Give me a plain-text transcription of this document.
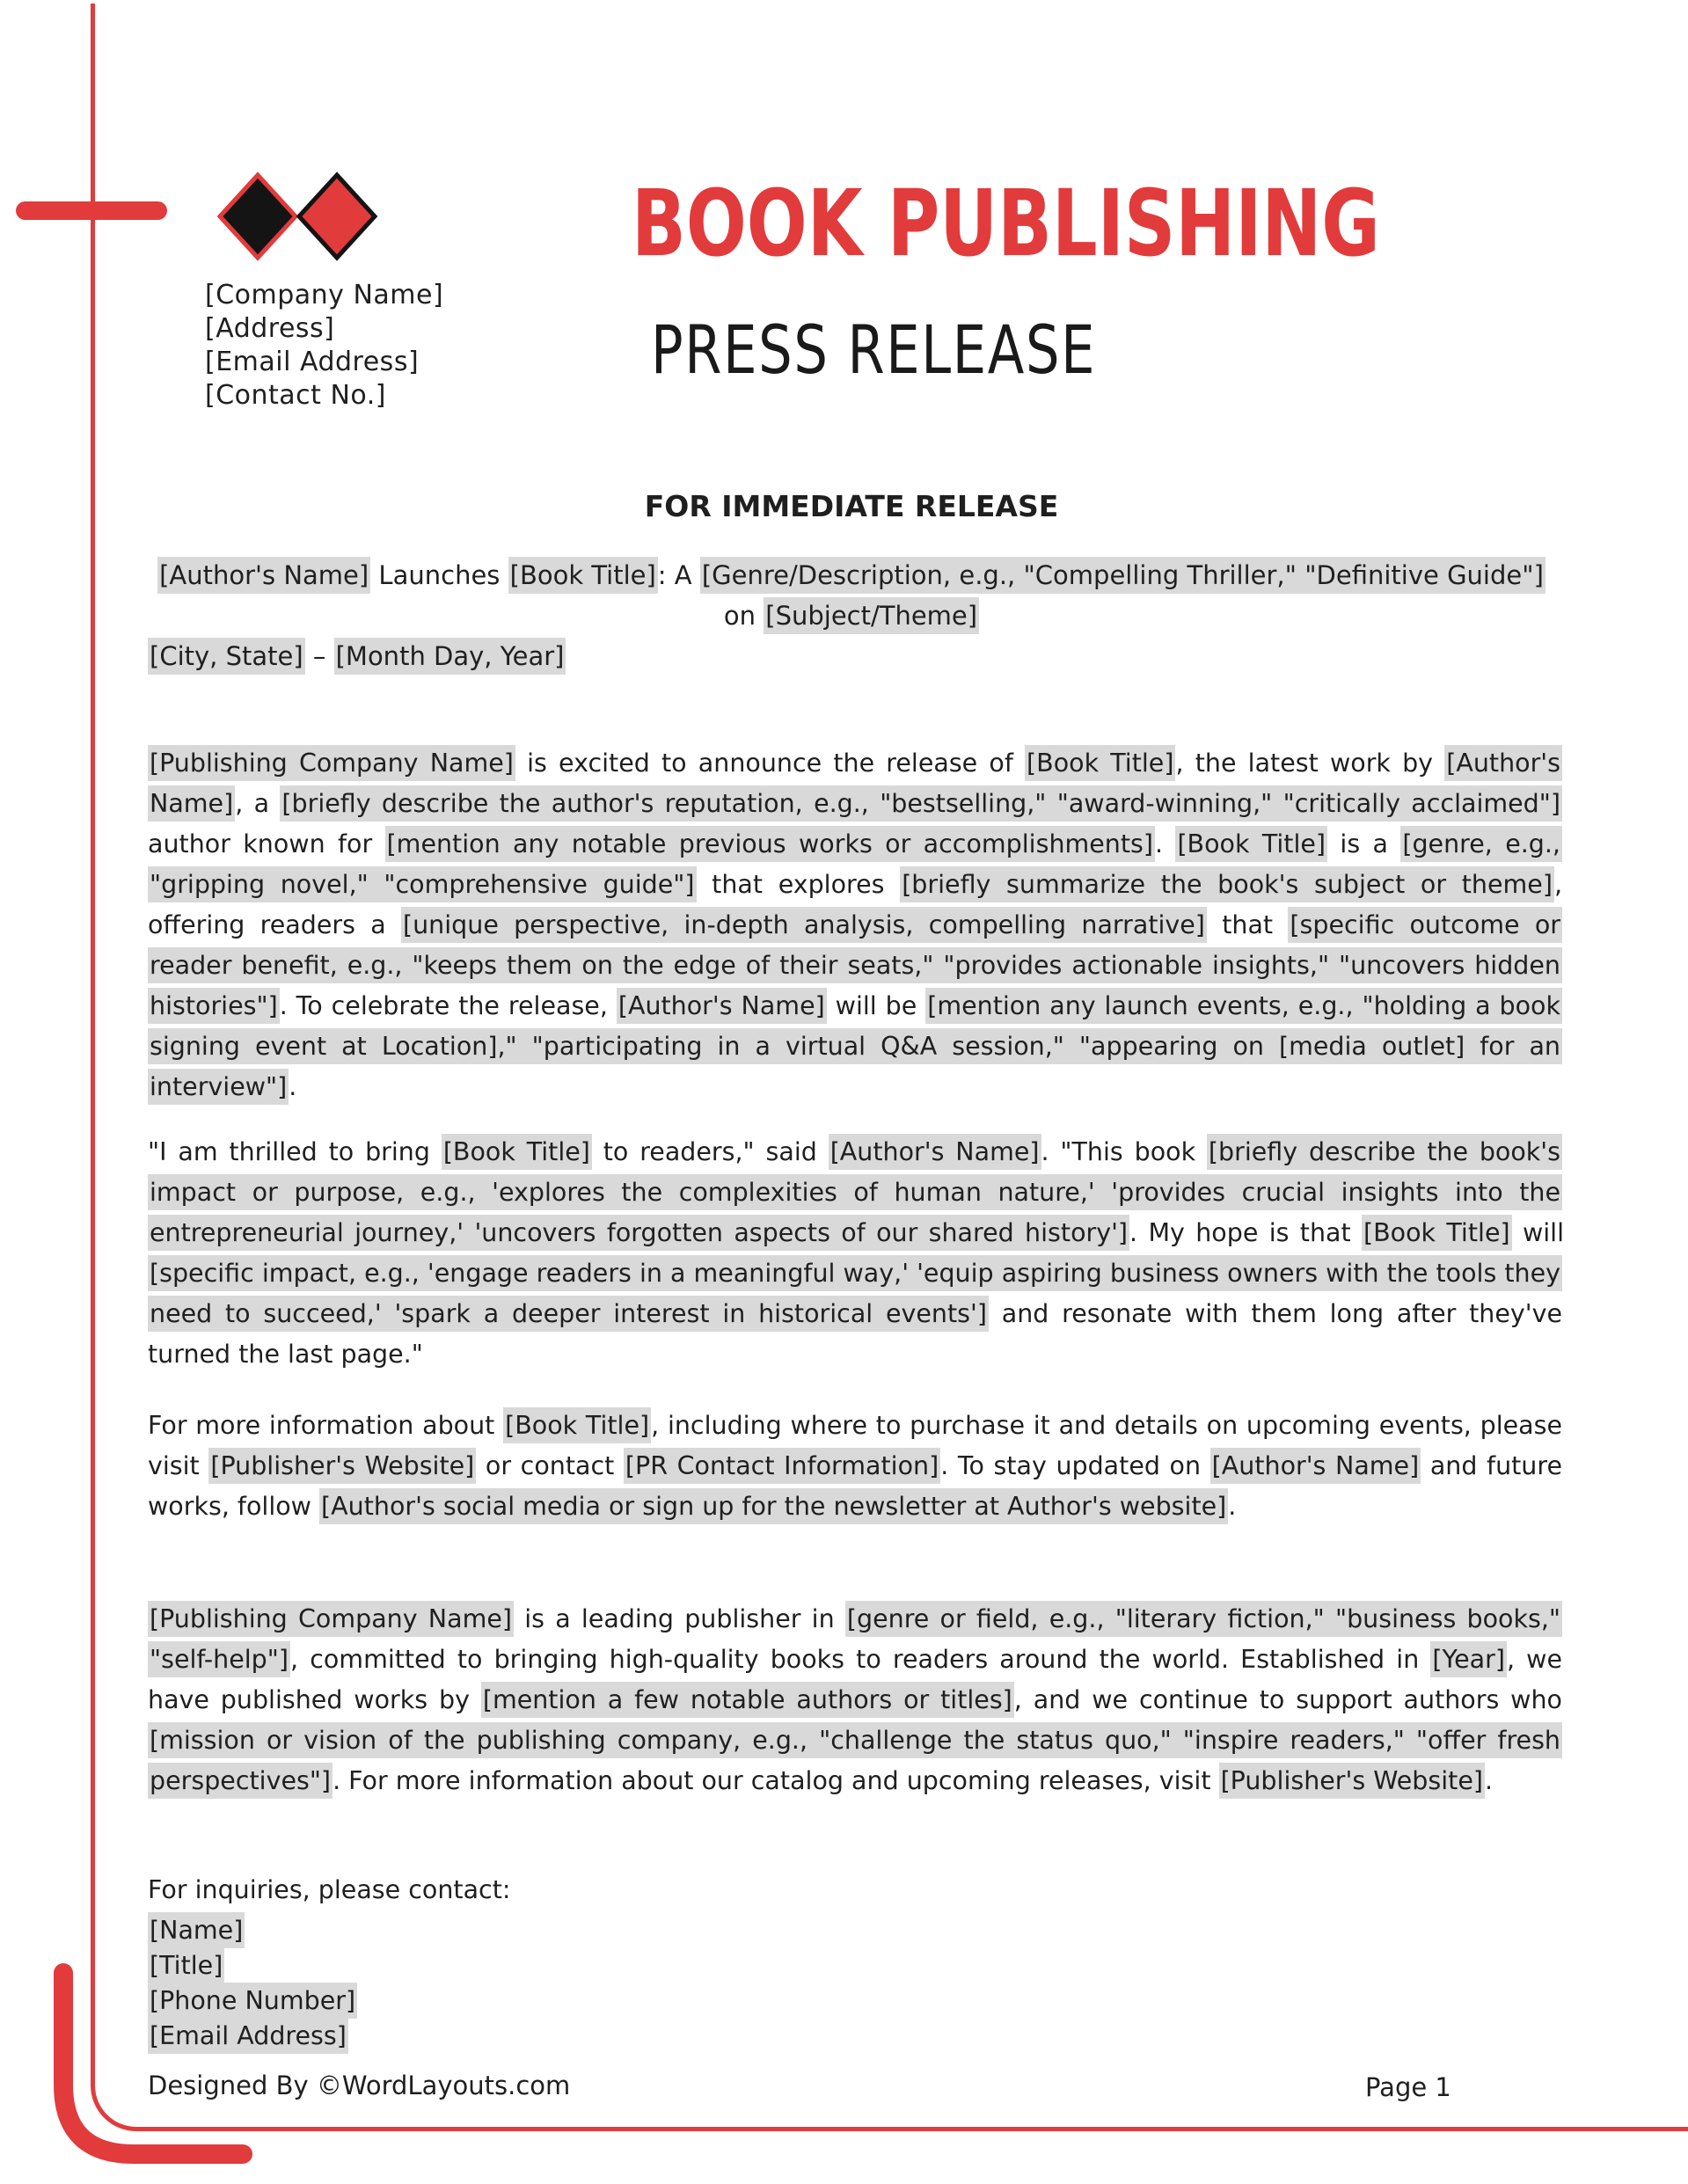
[Company Name]
[Address]
[Email Address]
[Contact No.]
BOOK PUBLISHING
PRESS RELEASE
FOR IMMEDIATE RELEASE
[Author's Name] Launches [Book Title]: A [Genre/Description, e.g., "Compelling Thriller," "Definitive Guide"] on [Subject/Theme]
[City, State] – [Month Day, Year]
[Publishing Company Name] is excited to announce the release of [Book Title], the latest work by [Author's Name], a [briefly describe the author's reputation, e.g., "bestselling," "award-winning," "critically acclaimed"] author known for [mention any notable previous works or accomplishments]. [Book Title] is a [genre, e.g., "gripping novel," "comprehensive guide"] that explores [briefly summarize the book's subject or theme], offering readers a [unique perspective, in-depth analysis, compelling narrative] that [specific outcome or reader benefit, e.g., "keeps them on the edge of their seats," "provides actionable insights," "uncovers hidden histories"]. To celebrate the release, [Author's Name] will be [mention any launch events, e.g., "holding a book signing event at Location]," "participating in a virtual Q&A session," "appearing on [media outlet] for an interview"].
"I am thrilled to bring [Book Title] to readers," said [Author's Name]. "This book [briefly describe the book's impact or purpose, e.g., 'explores the complexities of human nature,' 'provides crucial insights into the entrepreneurial journey,' 'uncovers forgotten aspects of our shared history']. My hope is that [Book Title] will [specific impact, e.g., 'engage readers in a meaningful way,' 'equip aspiring business owners with the tools they need to succeed,' 'spark a deeper interest in historical events'] and resonate with them long after they've turned the last page."
For more information about [Book Title], including where to purchase it and details on upcoming events, please visit [Publisher's Website] or contact [PR Contact Information]. To stay updated on [Author's Name] and future works, follow [Author's social media or sign up for the newsletter at Author's website].
[Publishing Company Name] is a leading publisher in [genre or field, e.g., "literary fiction," "business books," "self-help"], committed to bringing high-quality books to readers around the world. Established in [Year], we have published works by [mention a few notable authors or titles], and we continue to support authors who [mission or vision of the publishing company, e.g., "challenge the status quo," "inspire readers," "offer fresh perspectives"]. For more information about our catalog and upcoming releases, visit [Publisher's Website].
For inquiries, please contact:
[Name]
[Title]
[Phone Number]
[Email Address]
Designed By ©WordLayouts.com	Page 1
